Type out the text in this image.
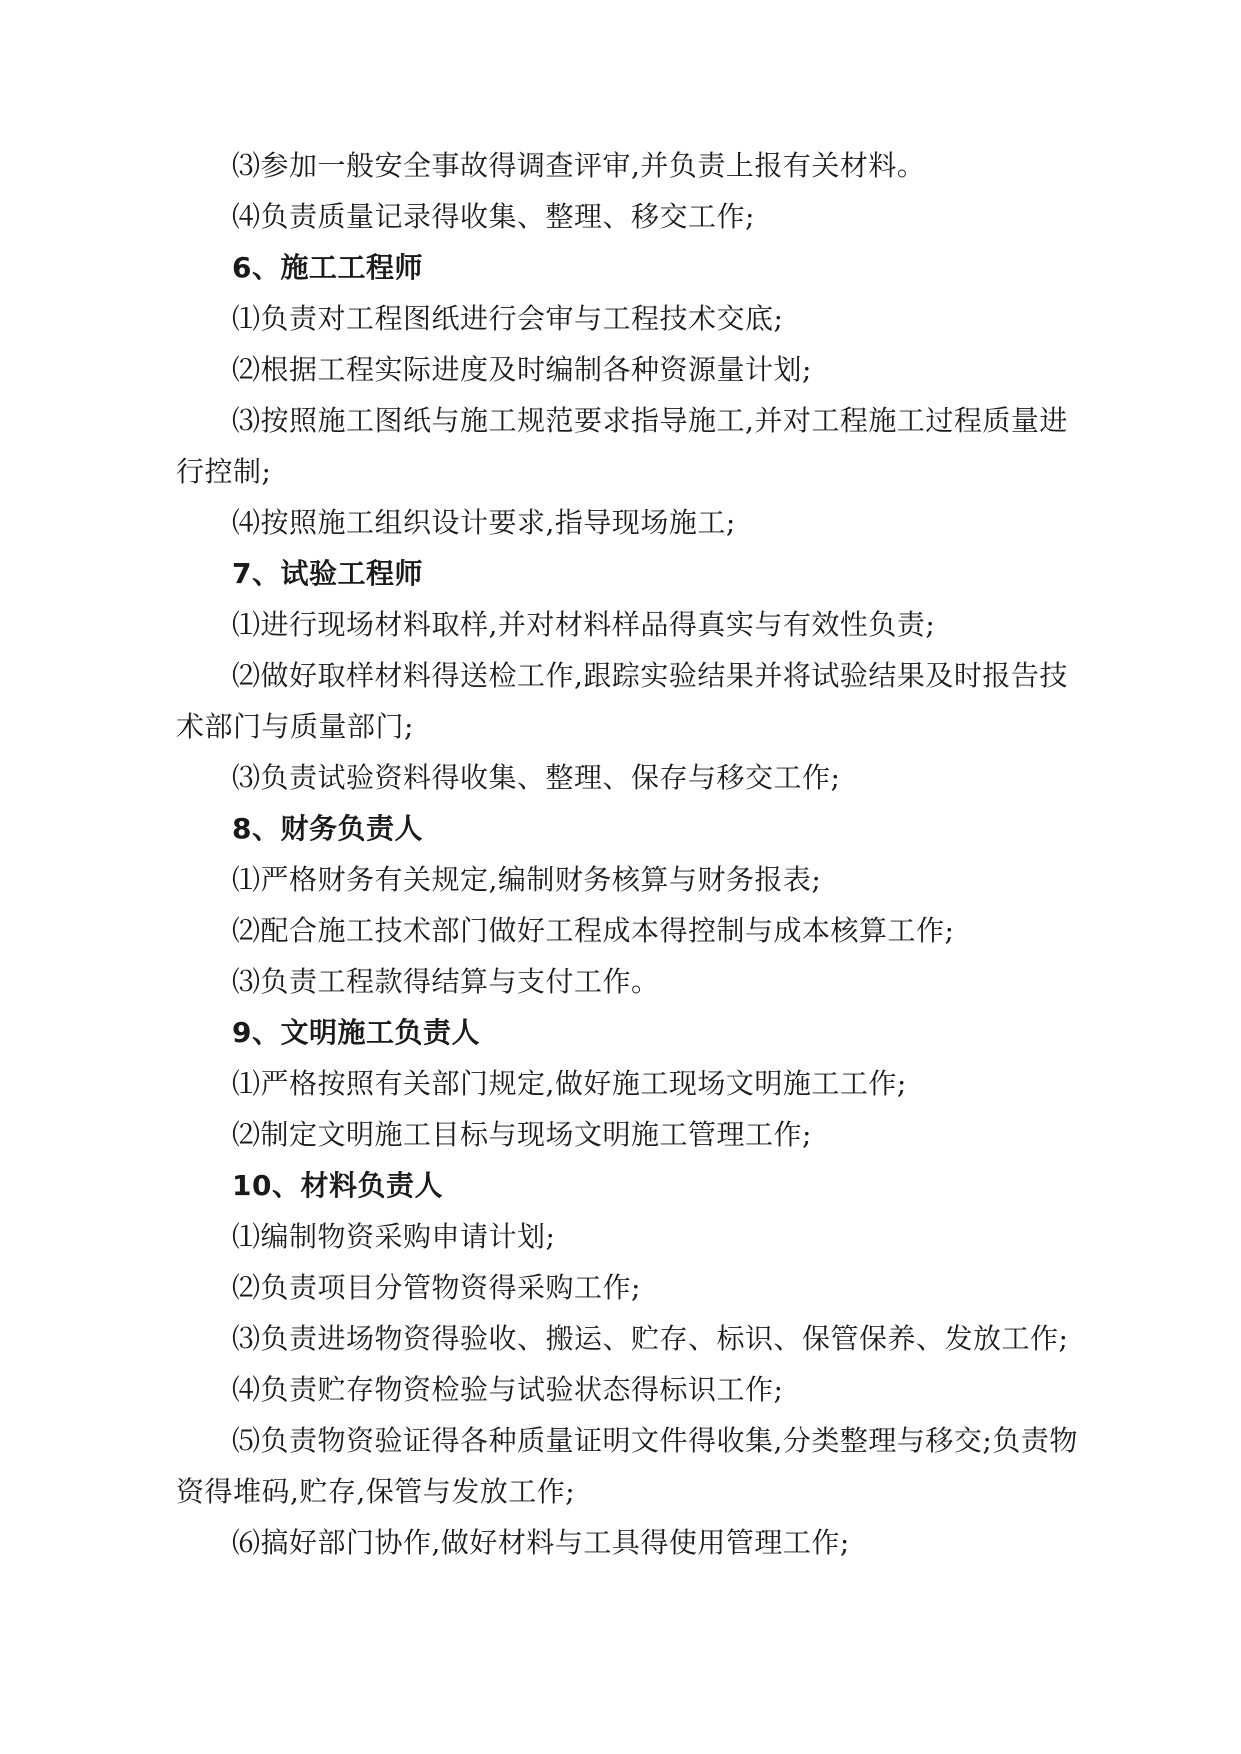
⑶参加一般安全事故得调查评审,并负责上报有关材料。

⑷负责质量记录得收集、整理、移交工作;

6、施工工程师

⑴负责对工程图纸进行会审与工程技术交底;

⑵根据工程实际进度及时编制各种资源量计划;

⑶按照施工图纸与施工规范要求指导施工,并对工程施工过程质量进行控制;

⑷按照施工组织设计要求,指导现场施工;

7、试验工程师

⑴进行现场材料取样,并对材料样品得真实与有效性负责;

⑵做好取样材料得送检工作,跟踪实验结果并将试验结果及时报告技术部门与质量部门;

⑶负责试验资料得收集、整理、保存与移交工作;

8、财务负责人

⑴严格财务有关规定,编制财务核算与财务报表;

⑵配合施工技术部门做好工程成本得控制与成本核算工作;

⑶负责工程款得结算与支付工作。

9、文明施工负责人

⑴严格按照有关部门规定,做好施工现场文明施工工作;

⑵制定文明施工目标与现场文明施工管理工作;

10、材料负责人

⑴编制物资采购申请计划;

⑵负责项目分管物资得采购工作;

⑶负责进场物资得验收、搬运、贮存、标识、保管保养、发放工作;

⑷负责贮存物资检验与试验状态得标识工作;

⑸负责物资验证得各种质量证明文件得收集,分类整理与移交;负责物资得堆码,贮存,保管与发放工作;

⑹搞好部门协作,做好材料与工具得使用管理工作;
